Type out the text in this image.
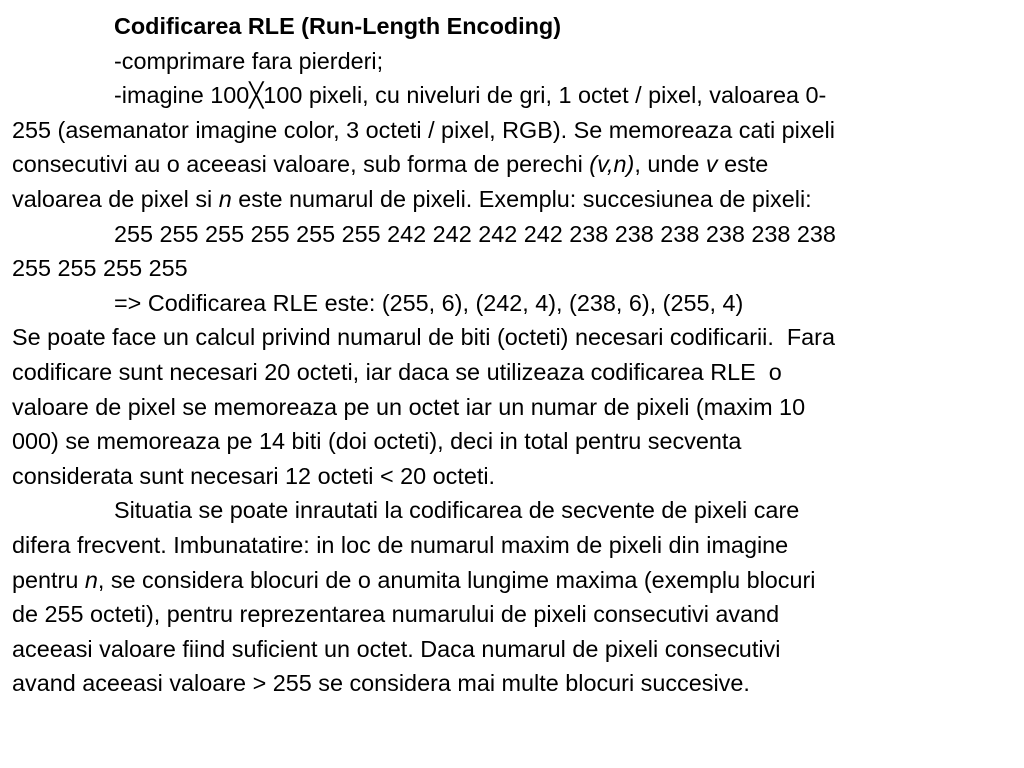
Codificarea RLE (Run-Length Encoding)
-comprimare fara pierderi;
-imagine 100╳100 pixeli, cu niveluri de gri, 1 octet / pixel, valoarea 0-
255 (asemanator imagine color, 3 octeti / pixel, RGB). Se memoreaza cati pixeli
consecutivi au o aceeasi valoare, sub forma de perechi (v,n), unde v este
valoarea de pixel si n este numarul de pixeli. Exemplu: succesiunea de pixeli:
255 255 255 255 255 255 242 242 242 242 238 238 238 238 238 238
255 255 255 255
=> Codificarea RLE este: (255, 6), (242, 4), (238, 6), (255, 4)
Se poate face un calcul privind numarul de biti (octeti) necesari codificarii.  Fara
codificare sunt necesari 20 octeti, iar daca se utilizeaza codificarea RLE  o
valoare de pixel se memoreaza pe un octet iar un numar de pixeli (maxim 10
000) se memoreaza pe 14 biti (doi octeti), deci in total pentru secventa
considerata sunt necesari 12 octeti < 20 octeti.
Situatia se poate inrautati la codificarea de secvente de pixeli care
difera frecvent. Imbunatatire: in loc de numarul maxim de pixeli din imagine
pentru n, se considera blocuri de o anumita lungime maxima (exemplu blocuri
de 255 octeti), pentru reprezentarea numarului de pixeli consecutivi avand
aceeasi valoare fiind suficient un octet. Daca numarul de pixeli consecutivi
avand aceeasi valoare > 255 se considera mai multe blocuri succesive.
